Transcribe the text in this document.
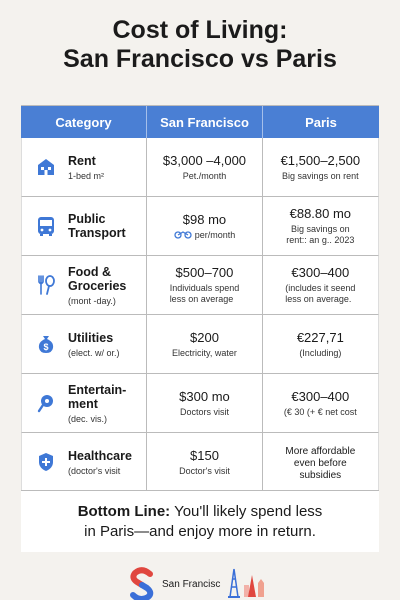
Cost of Living:
San Francisco vs Paris
Category	San Francisco	Paris
Rent
1-bed m²
$3,000 –4,000
Pet./month
€1,500–2,500
Big savings on rent
Public
Transport
$98 mo
per/month
€88.80 mo
Big savings on
rent:: an g.. 2023
Food &
Groceries
(mont -day.)
$500–700
Individuals spend
less on average
€300–400
(includes it seend
less on average.
$
Utilities
(elect. w/ or.)
$200
Electricity, water
€227,71
(Including)
Entertain-
ment
(dec. vis.)
$300 mo
Doctors visit
€300–400
(€ 30 (+ € net cost
Healthcare
(doctor's visit
$150
Doctor's visit
More affordable
even before
subsidies
Bottom Line: You'll likely spend less
in Paris—and enjoy more in return.
San Francisc
